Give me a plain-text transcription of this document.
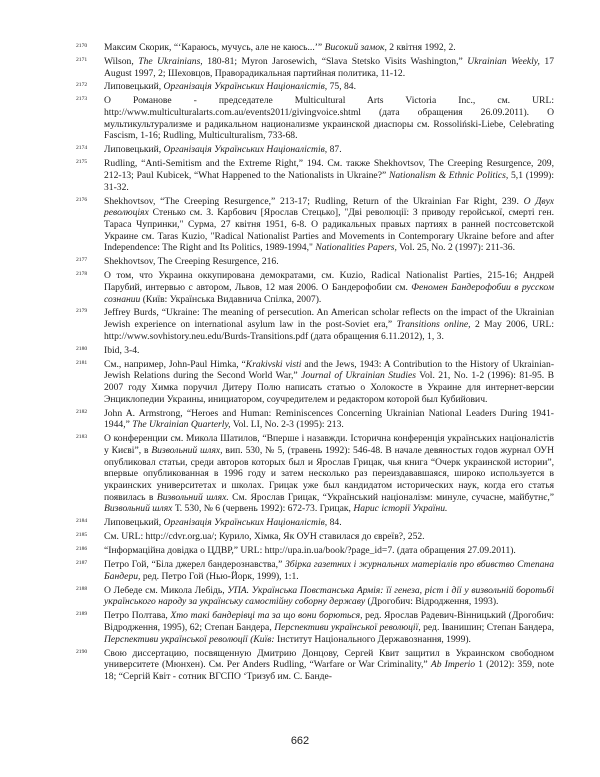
2170 Максим Скорик, “‘Караюсь, мучусь, але не каюсь...’” Високий замок, 2 квітня 1992, 2.
2171 Wilson, The Ukrainians, 180-81; Myron Jarosewich, “Slava Stetsko Visits Washington,” Ukrainian Weekly, 17 August 1997, 2; Шеховцов, Праворадикальная партийная политика, 11-12.
2172 Липовецький, Організація Українських Націоналістів, 75, 84.
2173 О Романове - председателе Multicultural Arts Victoria Inc., см. URL: http://www.multiculturalarts.com.au/events2011/givingvoice.shtml (дата обращения 26.09.2011). О мультикультурализме и радикальном национализме украинской диаспоры см. Rossoliński-Liebe, Celebrating Fascism, 1-16; Rudling, Multiculturalism, 733-68.
2174 Липовецький, Організація Українських Націоналістів, 87.
2175 Rudling, “Anti-Semitism and the Extreme Right,” 194. См. также Shekhovtsov, The Creeping Resurgence, 209, 212-13; Paul Kubicek, “What Happened to the Nationalists in Ukraine?” Nationalism & Ethnic Politics, 5,1 (1999): 31-32.
2176 Shekhovtsov, “The Creeping Resurgence,” 213-17; Rudling, Return of the Ukrainian Far Right, 239. О Двух революціях Стенько см. З. Карбович [Ярослав Стецько], "Дві революції: З приводу геройської, смерті ген. Тараса Чупринки," Сурма, 27 квітня 1951, 6-8. О радикальных правых партиях в ранней постсоветской Украине см. Taras Kuzio, "Radical Nationalist Parties and Movements in Contemporary Ukraine before and after Independence: The Right and Its Politics, 1989-1994," Nationalities Papers, Vol. 25, No. 2 (1997): 211-36.
2177 Shekhovtsov, The Creeping Resurgence, 216.
2178 О том, что Украина оккупирована демократами, см. Kuzio, Radical Nationalist Parties, 215-16; Андрей Парубий, интервью с автором, Львов, 12 мая 2006. О Бандерофобии см. Феномен Бандерофобии в русском сознании (Київ: Українська Видавнича Спілка, 2007).
2179 Jeffrey Burds, “Ukraine: The meaning of persecution. An American scholar reflects on the impact of the Ukrainian Jewish experience on international asylum law in the post-Soviet era,” Transitions online, 2 May 2006, URL: http://www.sovhistory.neu.edu/Burds-Transitions.pdf (дата обращения 6.11.2012), 1, 3.
2180 Ibid, 3-4.
2181 См., например, John-Paul Himka, “Krakivski visti and the Jews, 1943: A Contribution to the History of Ukrainian-Jewish Relations during the Second World War,” Journal of Ukrainian Studies Vol. 21, No. 1-2 (1996): 81-95. В 2007 году Химка поручил Дитеру Полю написать статью о Холокосте в Украине для интернет-версии Энциклопедии Украины, инициатором, соучредителем и редактором которой был Кубийович.
2182 John A. Armstrong, “Heroes and Human: Reminiscences Concerning Ukrainian National Leaders During 1941-1944,” The Ukrainian Quarterly, Vol. LI, No. 2-3 (1995): 213.
2183 О конференции см. Микола Шатилов, “Вперше і назавжди. Історична конференція українських націоналістів у Києві”, в Визвольний шлях, вип. 530, № 5, (травень 1992): 546-48. В начале девяностых годов журнал ОУН опубликовал статьи, среди авторов которых был и Ярослав Грицак, чья книга “Очерк украинской истории”, впервые опубликованная в 1996 году и затем несколько раз переиздававшаяся, широко используется в украинских университетах и школах. Грицак уже был кандидатом исторических наук, когда его статья появилась в Визвольний шлях. См. Ярослав Грицак, “Український націоналізм: минуле, сучасне, майбутнє,” Визвольний шлях Т. 530, № 6 (червень 1992): 672-73. Грицак, Нарис історії України.
2184 Липовецький, Організація Українських Націоналістів, 84.
2185 См. URL: http://cdvr.org.ua/; Курило, Хімка, Як ОУН ставилася до євреїв?, 252.
2186 “Інформаційна довідка о ЦДВР,” URL: http://upa.in.ua/book/?page_id=7. (дата обращения 27.09.2011).
2187 Петро Гой, “Біла джерел бандерознавства,” Збірка газетних і журнальних матеріалів про вбивство Степана Бандери, ред. Петро Гой (Нью-Йорк, 1999), 1:1.
2188 О Лебеде см. Микола Лебідь, УПА. Українська Повстанська Армія: її генеза, ріст і дії у визвольній боротьбі українського народу за українську самостійну соборну державу (Дрогобич: Відродження, 1993).
2189 Петро Полтава, Хто такі бандерівці та за що вони борються, ред. Ярослав Радевич-Вінницький (Дрогобич: Відродження, 1995), 62; Степан Бандера, Перспективи української революції, ред. Іванишин; Степан Бандера, Перспективи української революції (Київ: Інститут Національного Державознання, 1999).
2190 Свою диссертацию, посвященную Дмитрию Донцову, Сергей Квит защитил в Украинском свободном университете (Мюнхен). См. Per Anders Rudling, “Warfare or War Criminality,” Ab Imperio 1 (2012): 359, note 18; “Сергій Квіт - сотник ВГСПО ‘Тризуб им. С. Банде-
662
